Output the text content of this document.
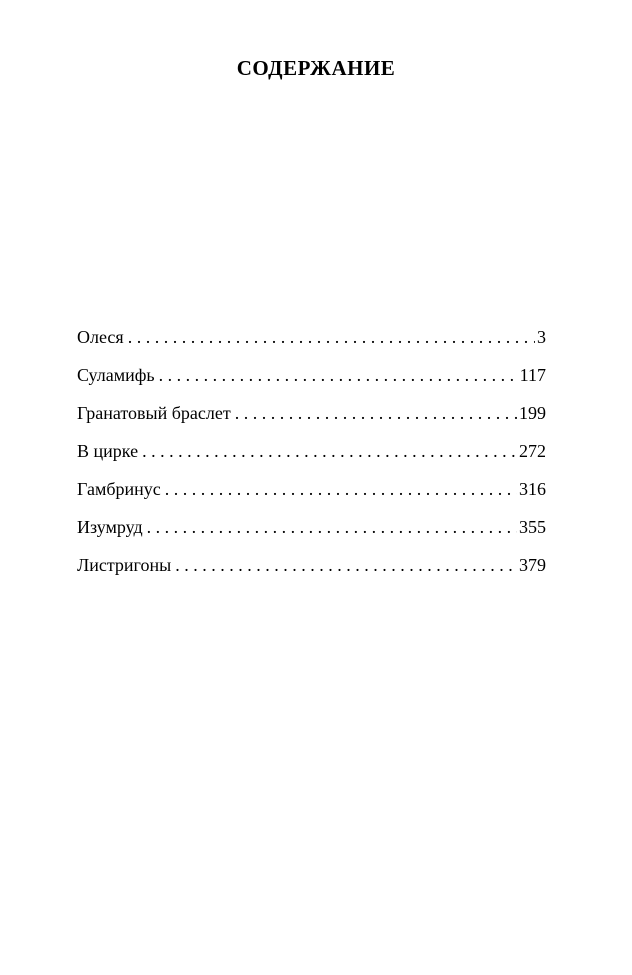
СОДЕРЖАНИЕ
Олеся . . .	3
Суламифь . . .	117
Гранатовый браслет . . .	199
В цирке . . .	272
Гамбринус . . .	316
Изумруд . . .	355
Листригоны . . .	379
